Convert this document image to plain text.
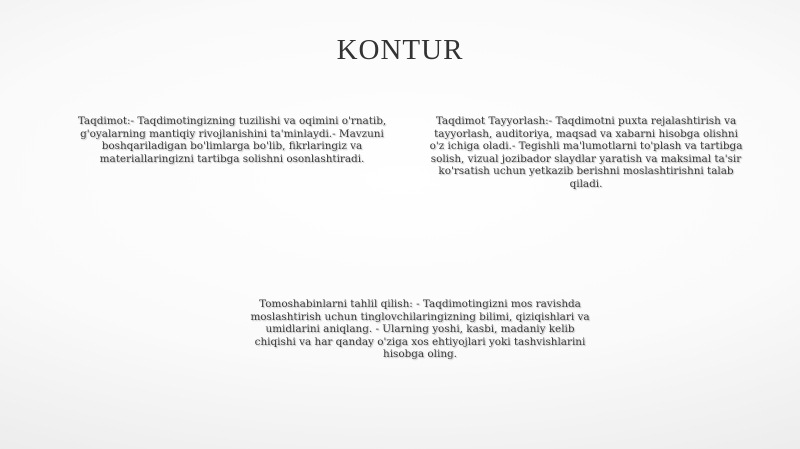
KONTUR
Taqdimot:- Taqdimotingizning tuzilishi va oqimini o'rnatib, g'oyalarning mantiqiy rivojlanishini ta'minlaydi.- Mavzuni boshqariladigan bo'limlarga bo'lib, fikrlaringiz va materiallaringizni tartibga solishni osonlashtiradi.
Taqdimot Tayyorlash:- Taqdimotni puxta rejalashtirish va tayyorlash, auditoriya, maqsad va xabarni hisobga olishni o'z ichiga oladi.- Tegishli ma'lumotlarni to'plash va tartibga solish, vizual jozibador slaydlar yaratish va maksimal ta'sir ko'rsatish uchun yetkazib berishni moslashtirishni talab qiladi.
Tomoshabinlarni tahlil qilish: - Taqdimotingizni mos ravishda moslashtirish uchun tinglovchilaringizning bilimi, qiziqishlari va umidlarini aniqlang. - Ularning yoshi, kasbi, madaniy kelib chiqishi va har qanday o'ziga xos ehtiyojlari yoki tashvishlarini hisobga oling.
